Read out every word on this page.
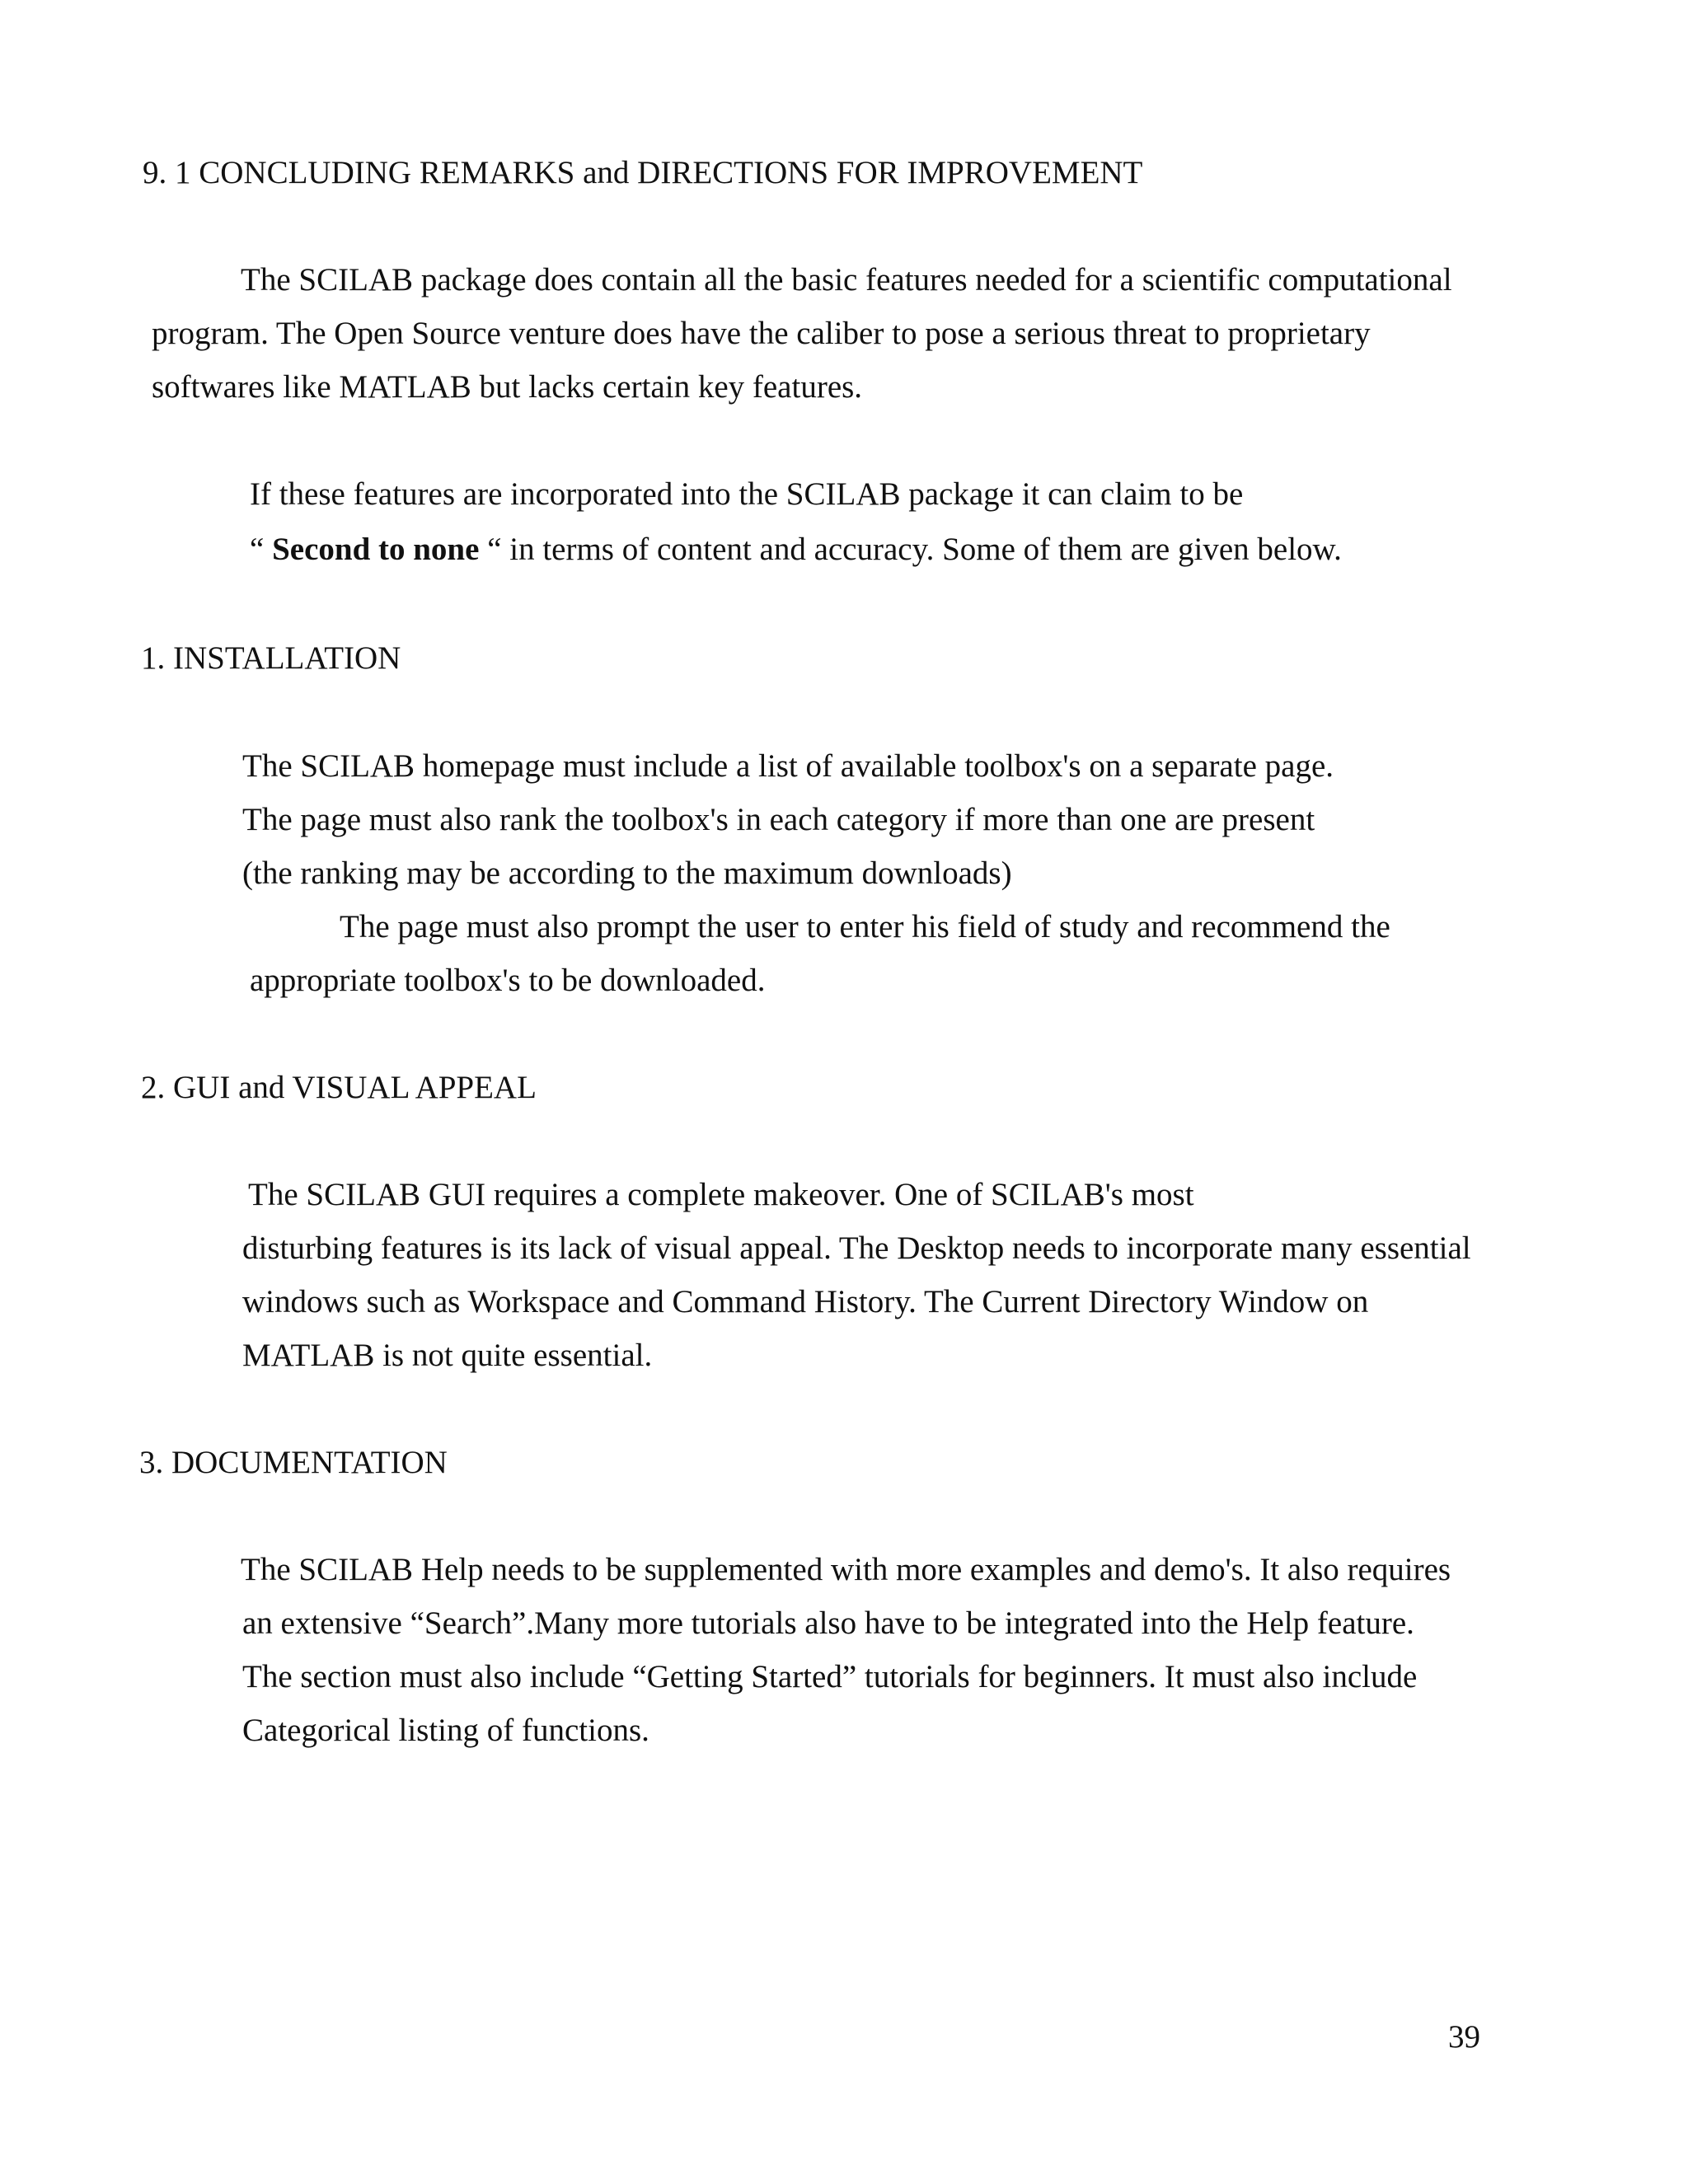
9. 1 CONCLUDING REMARKS and DIRECTIONS FOR IMPROVEMENT
The SCILAB package does contain all the basic features needed for a scientific computational
program. The Open Source venture does have the caliber to pose a serious threat to proprietary
softwares like MATLAB but lacks certain key features.
If these features are incorporated into the SCILAB package it can claim to be
“ Second to none “ in terms of content and accuracy. Some of them are given below.
1. INSTALLATION
The SCILAB homepage must include a list of available toolbox's on a separate page.
The page must also rank the toolbox's in each category if more than one are present
(the ranking may be according to the maximum downloads)
The page must also prompt the user to enter his field of study and recommend the
appropriate toolbox's to be downloaded.
2. GUI and VISUAL APPEAL
The SCILAB GUI requires a complete makeover. One of SCILAB's most
disturbing features is its lack of visual appeal. The Desktop needs to incorporate many essential
windows such as Workspace and Command History. The Current Directory Window on
MATLAB is not quite essential.
3. DOCUMENTATION
The SCILAB Help needs to be supplemented with more examples and demo's. It also requires
an extensive “Search”.Many more tutorials also have to be integrated into the Help feature.
The section must also include “Getting Started” tutorials for beginners. It must also include
Categorical listing of functions.
39
